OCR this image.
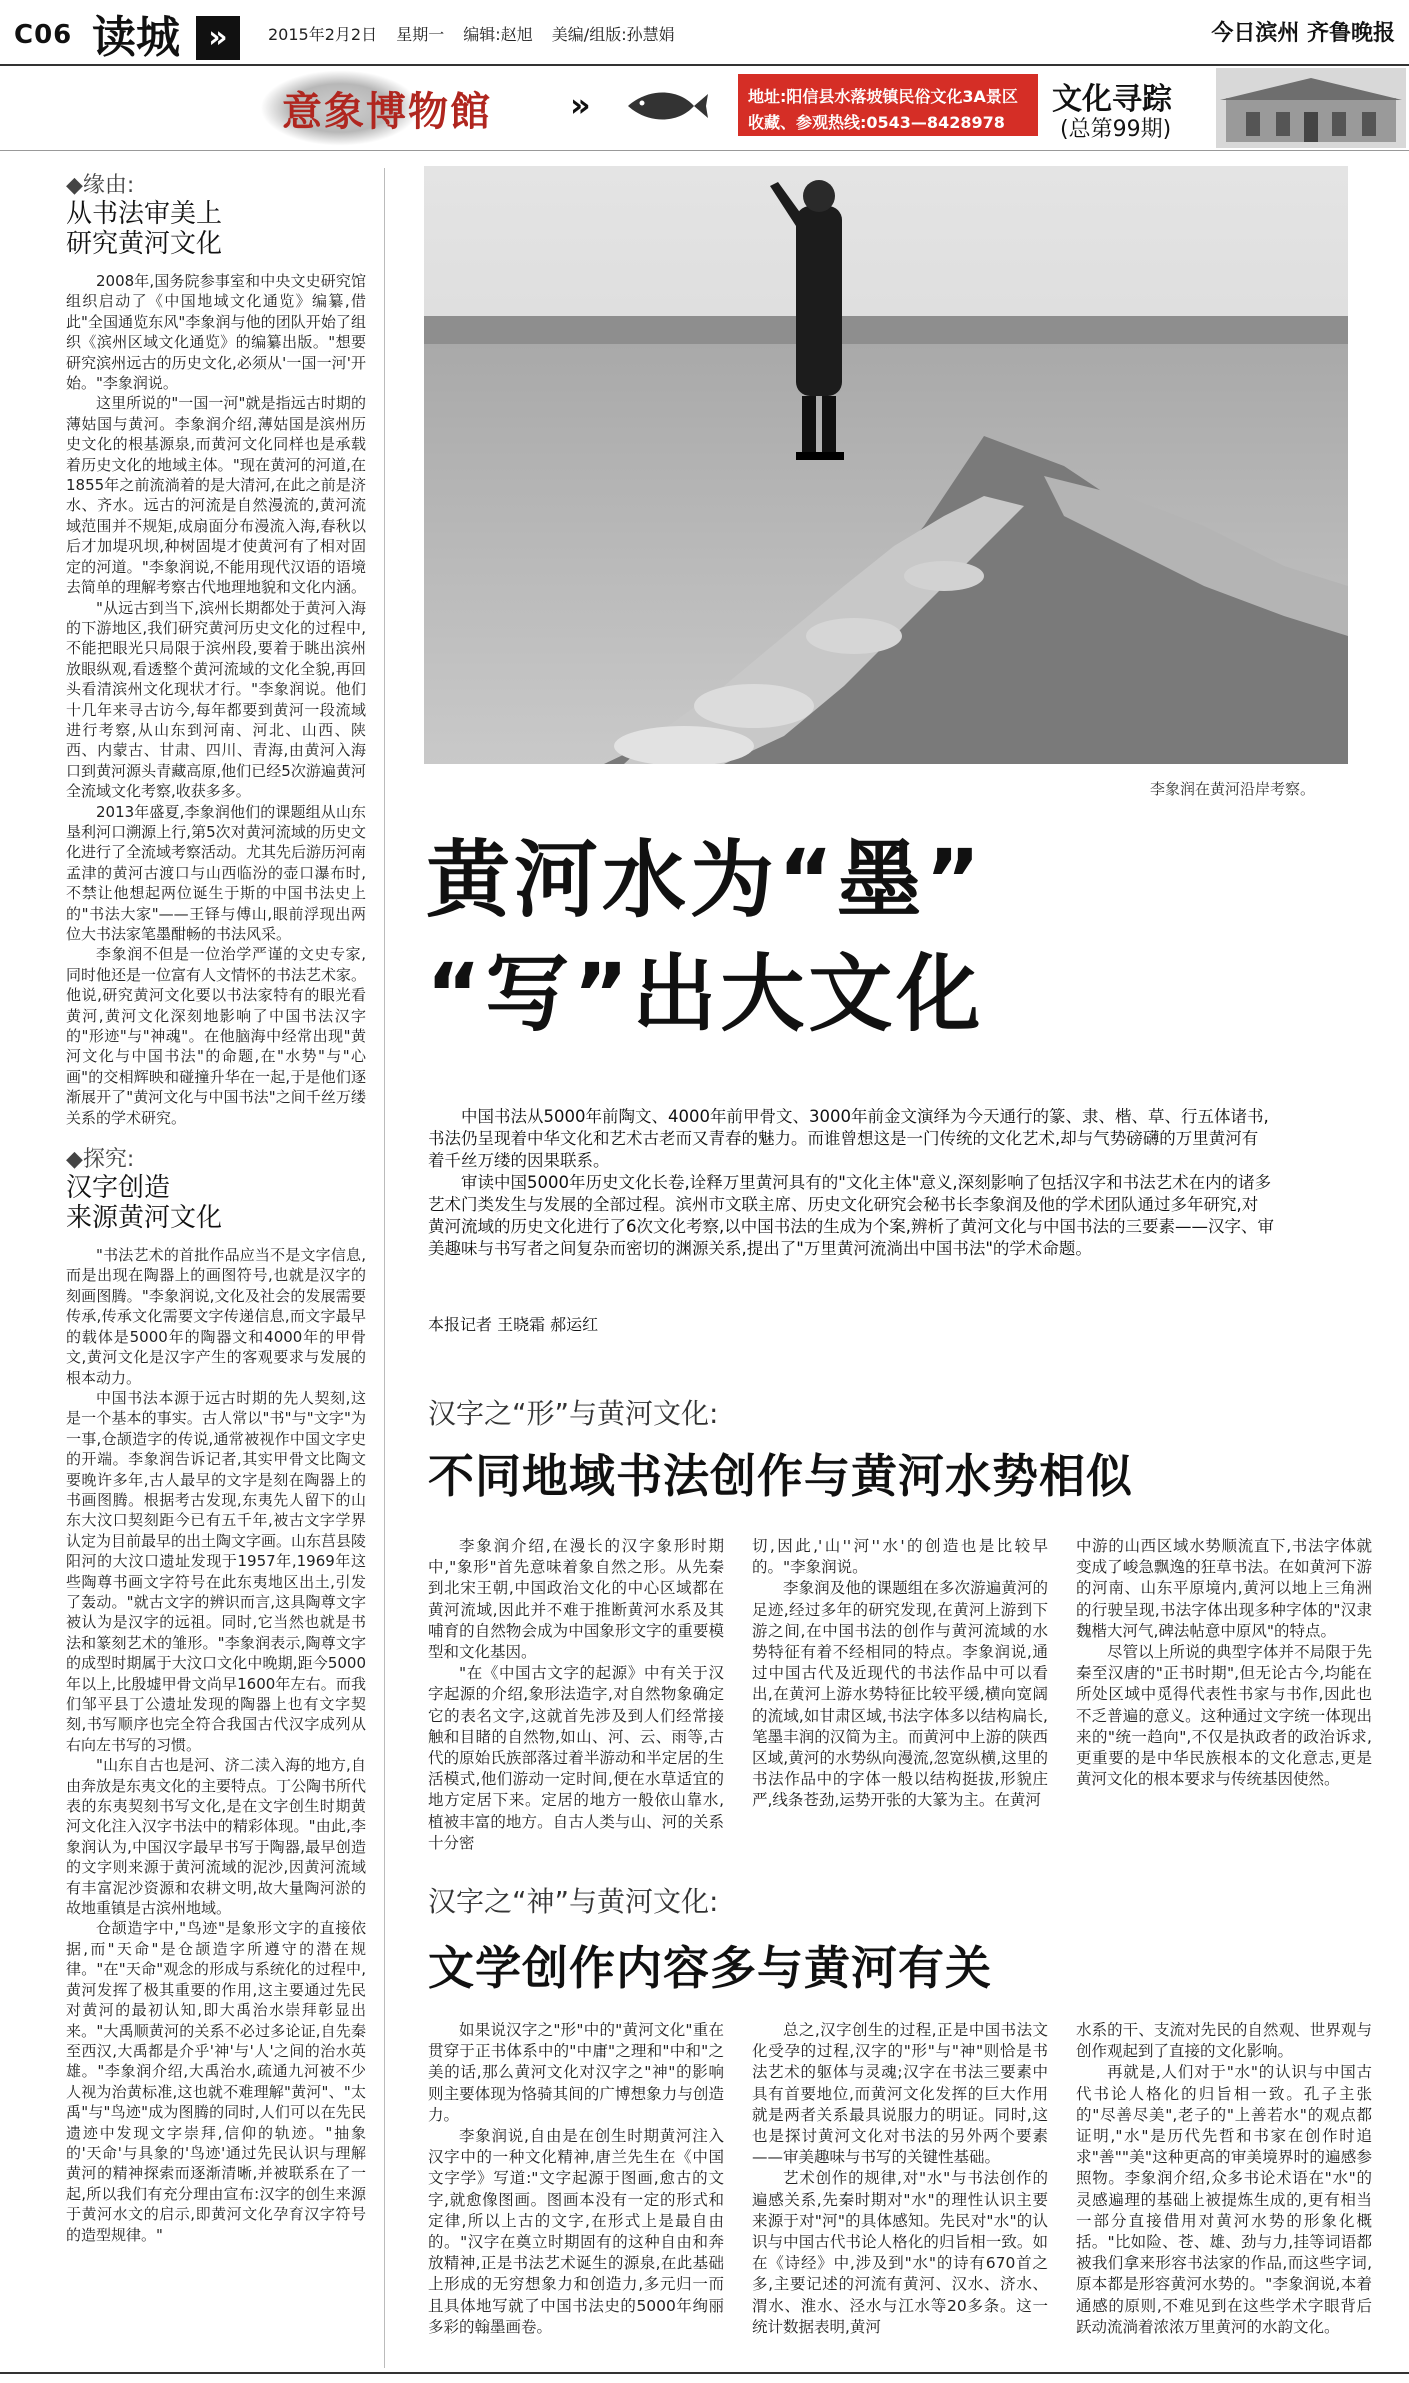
C06 读城 »	2015年2月2日 星期一 编辑:赵旭 美编/组版:孙慧娟	今日滨州 齐鲁晚报
意象博物館 »	地址:阳信县水落坡镇民俗文化3A景区
收藏、参观热线:0543—8428978
文化寻踪
(总第99期)
◆缘由:
从书法审美上
研究黄河文化

2008年,国务院参事室和中央文史研究馆组织启动了《中国地域文化通览》编纂,借此"全国通览东风"李象润与他的团队开始了组织《滨州区域文化通览》的编纂出版。"想要研究滨州远古的历史文化,必须从'一国一河'开始。"李象润说。

这里所说的"一国一河"就是指远古时期的薄姑国与黄河。李象润介绍,薄姑国是滨州历史文化的根基源泉,而黄河文化同样也是承载着历史文化的地域主体。"现在黄河的河道,在1855年之前流淌着的是大清河,在此之前是济水、齐水。远古的河流是自然漫流的,黄河流域范围并不规矩,成扇面分布漫流入海,春秋以后才加堤巩坝,种树固堤才使黄河有了相对固定的河道。"李象润说,不能用现代汉语的语境去简单的理解考察古代地理地貌和文化内涵。

"从远古到当下,滨州长期都处于黄河入海的下游地区,我们研究黄河历史文化的过程中,不能把眼光只局限于滨州段,要着于眺出滨州放眼纵观,看透整个黄河流域的文化全貌,再回头看清滨州文化现状才行。"李象润说。他们十几年来寻古访今,每年都要到黄河一段流域进行考察,从山东到河南、河北、山西、陕西、内蒙古、甘肃、四川、青海,由黄河入海口到黄河源头青藏高原,他们已经5次游遍黄河全流域文化考察,收获多多。

2013年盛夏,李象润他们的课题组从山东垦利河口溯源上行,第5次对黄河流域的历史文化进行了全流域考察活动。尤其先后游历河南孟津的黄河古渡口与山西临汾的壶口瀑布时,不禁让他想起两位诞生于斯的中国书法史上的"书法大家"——王铎与傅山,眼前浮现出两位大书法家笔墨酣畅的书法风采。

李象润不但是一位治学严谨的文史专家,同时他还是一位富有人文情怀的书法艺术家。他说,研究黄河文化要以书法家特有的眼光看黄河,黄河文化深刻地影响了中国书法汉字的"形迹"与"神魂"。在他脑海中经常出现"黄河文化与中国书法"的命题,在"水势"与"心画"的交相辉映和碰撞升华在一起,于是他们逐渐展开了"黄河文化与中国书法"之间千丝万缕关系的学术研究。

◆探究:
汉字创造
来源黄河文化

"书法艺术的首批作品应当不是文字信息,而是出现在陶器上的画图符号,也就是汉字的刻画图腾。"李象润说,文化及社会的发展需要传承,传承文化需要文字传递信息,而文字最早的载体是5000年的陶器文和4000年的甲骨文,黄河文化是汉字产生的客观要求与发展的根本动力。

中国书法本源于远古时期的先人契刻,这是一个基本的事实。古人常以"书"与"文字"为一事,仓颉造字的传说,通常被视作中国文字史的开端。李象润告诉记者,其实甲骨文比陶文要晚许多年,古人最早的文字是刻在陶器上的书画图腾。根据考古发现,东夷先人留下的山东大汶口契刻距今已有五千年,被古文字学界认定为目前最早的出土陶文字画。山东莒县陵阳河的大汶口遗址发现于1957年,1969年这些陶尊书画文字符号在此东夷地区出土,引发了轰动。"就古文字的辨识而言,这具陶尊文字被认为是汉字的远祖。同时,它当然也就是书法和篆刻艺术的雏形。"李象润表示,陶尊文字的成型时期属于大汶口文化中晚期,距今5000年以上,比殷墟甲骨文尚早1600年左右。而我们邹平县丁公遗址发现的陶器上也有文字契刻,书写顺序也完全符合我国古代汉字成列从右向左书写的习惯。

"山东自古也是河、济二渎入海的地方,自由奔放是东夷文化的主要特点。丁公陶书所代表的东夷契刻书写文化,是在文字创生时期黄河文化注入汉字书法中的精彩体现。"由此,李象润认为,中国汉字最早书写于陶器,最早创造的文字则来源于黄河流域的泥沙,因黄河流域有丰富泥沙资源和农耕文明,故大量陶河淤的故地重镇是古滨州地域。

仓颉造字中,"鸟迹"是象形文字的直接依据,而"天命"是仓颉造字所遵守的潜在规律。"在"天命"观念的形成与系统化的过程中,黄河发挥了极其重要的作用,这主要通过先民对黄河的最初认知,即大禹治水崇拜彰显出来。"大禹顺黄河的关系不必过多论证,自先秦至西汉,大禹都是介乎'神'与'人'之间的治水英雄。"李象润介绍,大禹治水,疏通九河被不少人视为治黄标准,这也就不难理解"黄河"、"太禹"与"鸟迹"成为图腾的同时,人们可以在先民遗迹中发现文字崇拜,信仰的轨迹。"抽象的'天命'与具象的'鸟迹'通过先民认识与理解黄河的精神探索而逐渐清晰,并被联系在了一起,所以我们有充分理由宣布:汉字的创生来源于黄河水文的启示,即黄河文化孕育汉字符号的造型规律。"

李象润在黄河沿岸考察。
黄河水为“墨”
“写”出大文化

中国书法从5000年前陶文、4000年前甲骨文、3000年前金文演绎为今天通行的篆、隶、楷、草、行五体诸书,书法仍呈现着中华文化和艺术古老而又青春的魅力。而谁曾想这是一门传统的文化艺术,却与气势磅礴的万里黄河有着千丝万缕的因果联系。

审读中国5000年历史文化长卷,诠释万里黄河具有的"文化主体"意义,深刻影响了包括汉字和书法艺术在内的诸多艺术门类发生与发展的全部过程。滨州市文联主席、历史文化研究会秘书长李象润及他的学术团队通过多年研究,对黄河流域的历史文化进行了6次文化考察,以中国书法的生成为个案,辨析了黄河文化与中国书法的三要素——汉字、审美趣味与书写者之间复杂而密切的渊源关系,提出了"万里黄河流淌出中国书法"的学术命题。

本报记者 王晓霜 郝运红
汉字之“形”与黄河文化:
不同地域书法创作与黄河水势相似

李象润介绍,在漫长的汉字象形时期中,"象形"首先意味着象自然之形。从先秦到北宋王朝,中国政治文化的中心区域都在黄河流域,因此并不难于推断黄河水系及其哺育的自然物会成为中国象形文字的重要模型和文化基因。

"在《中国古文字的起源》中有关于汉字起源的介绍,象形法造字,对自然物象确定它的表名文字,这就首先涉及到人们经常接触和目睹的自然物,如山、河、云、雨等,古代的原始氏族部落过着半游动和半定居的生活模式,他们游动一定时间,便在水草适宜的地方定居下来。定居的地方一般依山靠水,植被丰富的地方。自古人类与山、河的关系十分密

切,因此,'山''河''水'的创造也是比较早的。"李象润说。

李象润及他的课题组在多次游遍黄河的足迹,经过多年的研究发现,在黄河上游到下游之间,在中国书法的创作与黄河流域的水势特征有着不经相同的特点。李象润说,通过中国古代及近现代的书法作品中可以看出,在黄河上游水势特征比较平缓,横向宽阔的流域,如甘肃区域,书法字体多以结构扁长,笔墨丰润的汉简为主。而黄河中上游的陕西区域,黄河的水势纵向漫流,忽宽纵横,这里的书法作品中的字体一般以结构挺拔,形貌庄严,线条苍劲,运势开张的大篆为主。在黄河

中游的山西区域水势顺流直下,书法字体就变成了峻急飘逸的狂草书法。在如黄河下游的河南、山东平原境内,黄河以地上三角洲的行驶呈现,书法字体出现多种字体的"汉隶魏楷大河气,碑法帖意中原风"的特点。

尽管以上所说的典型字体并不局限于先秦至汉唐的"正书时期",但无论古今,均能在所处区域中觅得代表性书家与书作,因此也不乏普遍的意义。这种通过文字统一体现出来的"统一趋向",不仅是执政者的政治诉求,更重要的是中华民族根本的文化意志,更是黄河文化的根本要求与传统基因使然。

汉字之“神”与黄河文化:
文学创作内容多与黄河有关

如果说汉字之"形"中的"黄河文化"重在贯穿于正书体系中的"中庸"之理和"中和"之美的话,那么黄河文化对汉字之"神"的影响则主要体现为恪骑其间的广博想象力与创造力。

李象润说,自由是在创生时期黄河注入汉字中的一种文化精神,唐兰先生在《中国文字学》写道:"文字起源于图画,愈古的文字,就愈像图画。图画本没有一定的形式和定律,所以上古的文字,在形式上是最自由的。"汉字在奠立时期固有的这种自由和奔放精神,正是书法艺术诞生的源泉,在此基础上形成的无穷想象力和创造力,多元归一而且具体地写就了中国书法史的5000年绚丽多彩的翰墨画卷。

总之,汉字创生的过程,正是中国书法文化受孕的过程,汉字的"形"与"神"则恰是书法艺术的躯体与灵魂;汉字在书法三要素中具有首要地位,而黄河文化发挥的巨大作用就是两者关系最具说服力的明证。同时,这也是探讨黄河文化对书法的另外两个要素——审美趣味与书写的关键性基础。

艺术创作的规律,对"水"与书法创作的遍感关系,先秦时期对"水"的理性认识主要来源于对"河"的具体感知。先民对"水"的认识与中国古代书论人格化的归旨相一致。如在《诗经》中,涉及到"水"的诗有670首之多,主要记述的河流有黄河、汉水、济水、渭水、淮水、泾水与江水等20多条。这一统计数据表明,黄河

水系的干、支流对先民的自然观、世界观与创作观起到了直接的文化影响。

再就是,人们对于"水"的认识与中国古代书论人格化的归旨相一致。孔子主张的"尽善尽美",老子的"上善若水"的观点都证明,"水"是历代先哲和书家在创作时追求"善""美"这种更高的审美境界时的遍感参照物。李象润介绍,众多书论术语在"水"的灵感遍理的基础上被提炼生成的,更有相当一部分直接借用对黄河水势的形象化概括。"比如险、苍、雄、劲与力,挂等词语都被我们拿来形容书法家的作品,而这些字词,原本都是形容黄河水势的。"李象润说,本着通感的原则,不难见到在这些学术字眼背后跃动流淌着浓浓万里黄河的水韵文化。
